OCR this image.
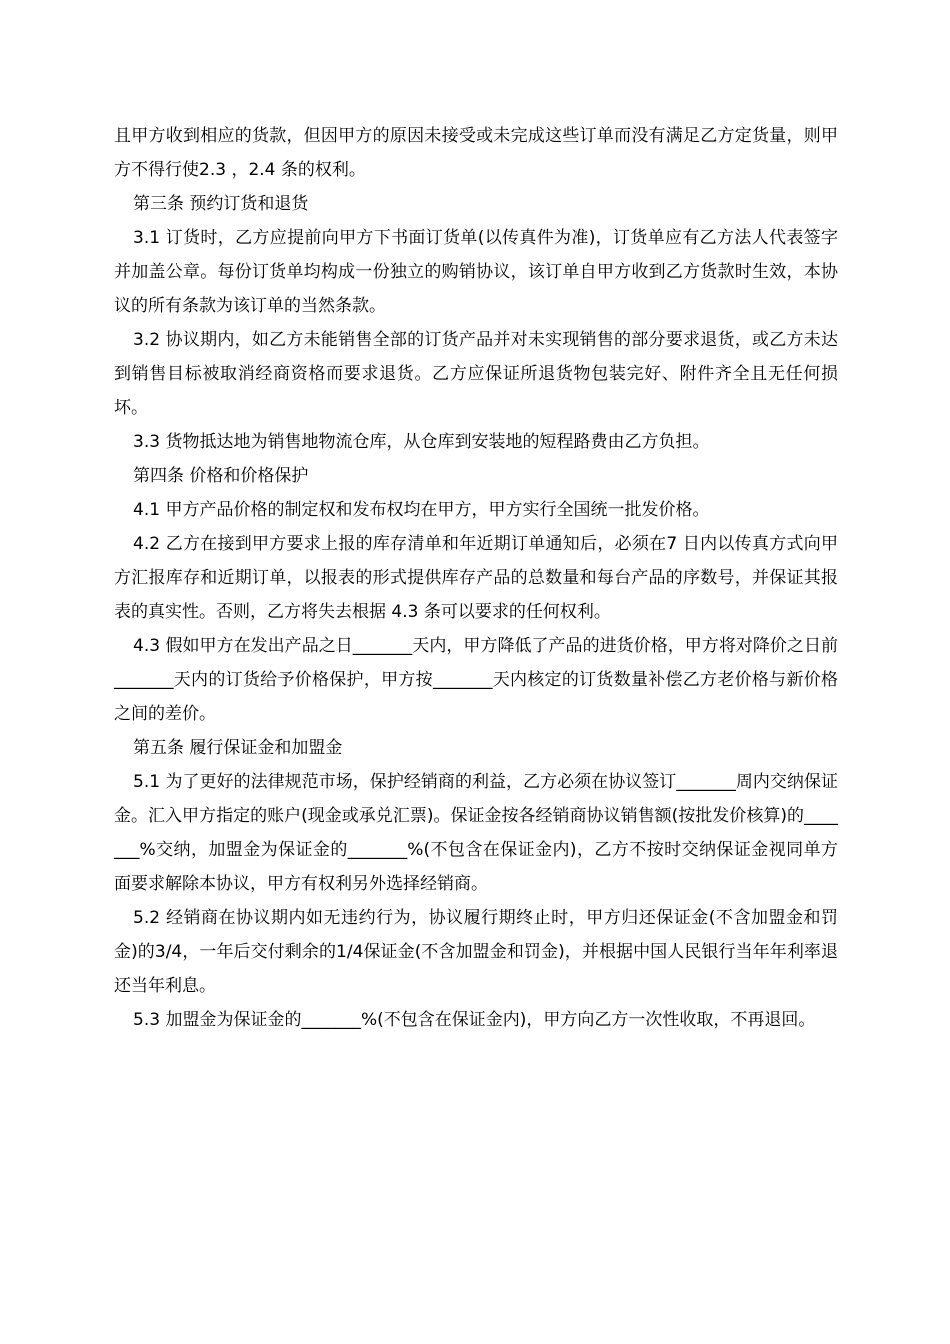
且甲方收到相应的货款，但因甲方的原因未接受或未完成这些订单而没有满足乙方定货量，则甲方不得行使2.3 ，2.4 条的权利。

第三条 预约订货和退货

3.1 订货时，乙方应提前向甲方下书面订货单(以传真件为准)，订货单应有乙方法人代表签字并加盖公章。每份订货单均构成一份独立的购销协议，该订单自甲方收到乙方货款时生效，本协议的所有条款为该订单的当然条款。

3.2 协议期内，如乙方未能销售全部的订货产品并对未实现销售的部分要求退货，或乙方未达到销售目标被取消经商资格而要求退货。乙方应保证所退货物包装完好、附件齐全且无任何损坏。

3.3 货物抵达地为销售地物流仓库，从仓库到安装地的短程路费由乙方负担。

第四条 价格和价格保护

4.1 甲方产品价格的制定权和发布权均在甲方，甲方实行全国统一批发价格。

4.2 乙方在接到甲方要求上报的库存清单和年近期订单通知后，必须在7 日内以传真方式向甲方汇报库存和近期订单，以报表的形式提供库存产品的总数量和每台产品的序数号，并保证其报表的真实性。否则，乙方将失去根据 4.3 条可以要求的任何权利。

4.3 假如甲方在发出产品之日_______天内，甲方降低了产品的进货价格，甲方将对降价之日前_______天内的订货给予价格保护，甲方按_______天内核定的订货数量补偿乙方老价格与新价格之间的差价。

第五条 履行保证金和加盟金

5.1 为了更好的法律规范市场，保护经销商的利益，乙方必须在协议签订_______周内交纳保证金。汇入甲方指定的账户(现金或承兑汇票)。保证金按各经销商协议销售额(按批发价核算)的_______%交纳，加盟金为保证金的_______%(不包含在保证金内)，乙方不按时交纳保证金视同单方面要求解除本协议，甲方有权利另外选择经销商。

5.2 经销商在协议期内如无违约行为，协议履行期终止时，甲方归还保证金(不含加盟金和罚金)的3/4，一年后交付剩余的1/4保证金(不含加盟金和罚金)，并根据中国人民银行当年年利率退还当年利息。

5.3 加盟金为保证金的_______%(不包含在保证金内)，甲方向乙方一次性收取，不再退回。
